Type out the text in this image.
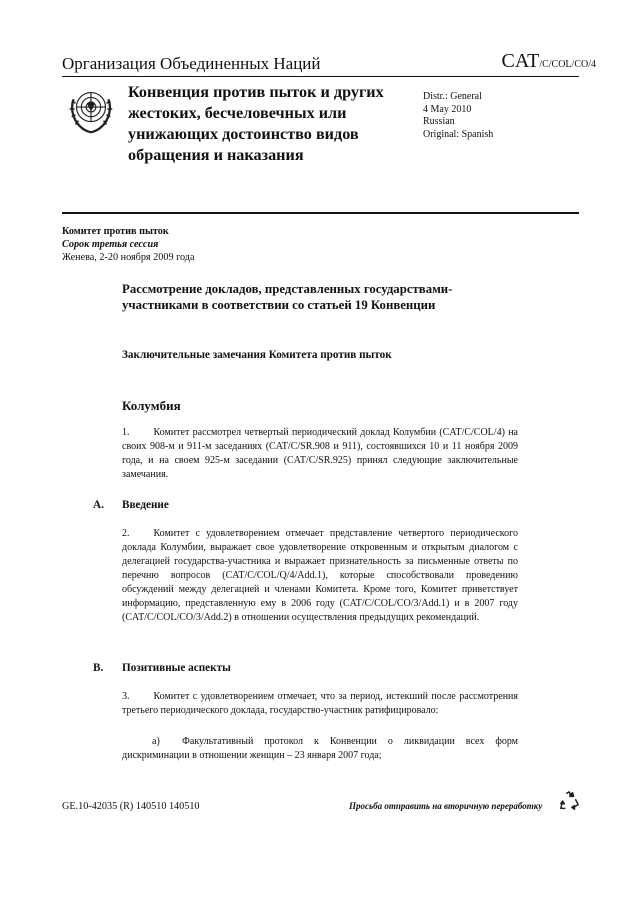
Организация Объединенных Наций	CAT/C/COL/CO/4
Конвенция против пыток и других жестоких, бесчеловечных или унижающих достоинство видов обращения и наказания
Distr.: General
4 May 2010
Russian
Original: Spanish
Комитет против пыток
Сорок третья сессия
Женева, 2-20 ноября 2009 года
Рассмотрение докладов, представленных государствами-участниками в соответствии со статьей 19 Конвенции
Заключительные замечания Комитета против пыток
Колумбия
1. Комитет рассмотрел четвертый периодический доклад Колумбии (CAT/C/COL/4) на своих 908-м и 911-м заседаниях (CAT/C/SR.908 и 911), состоявшихся 10 и 11 ноября 2009 года, и на своем 925-м заседании (CAT/C/SR.925) принял следующие заключительные замечания.
A. Введение
2. Комитет с удовлетворением отмечает представление четвертого периодического доклада Колумбии, выражает свое удовлетворение откровенным и открытым диалогом с делегацией государства-участника и выражает признательность за письменные ответы по перечню вопросов (CAT/C/COL/Q/4/Add.1), которые способствовали проведению обсуждений между делегацией и членами Комитета. Кроме того, Комитет приветствует информацию, представленную ему в 2006 году (CAT/C/COL/CO/3/Add.1) и в 2007 году (CAT/C/COL/CO/3/Add.2) в отношении осуществления предыдущих рекомендаций.
B. Позитивные аспекты
3. Комитет с удовлетворением отмечает, что за период, истекший после рассмотрения третьего периодического доклада, государство-участник ратифицировало:
a) Факультативный протокол к Конвенции о ликвидации всех форм дискриминации в отношении женщин – 23 января 2007 года;
GE.10-42035 (R) 140510 140510	Просьба отправить на вторичную переработку
